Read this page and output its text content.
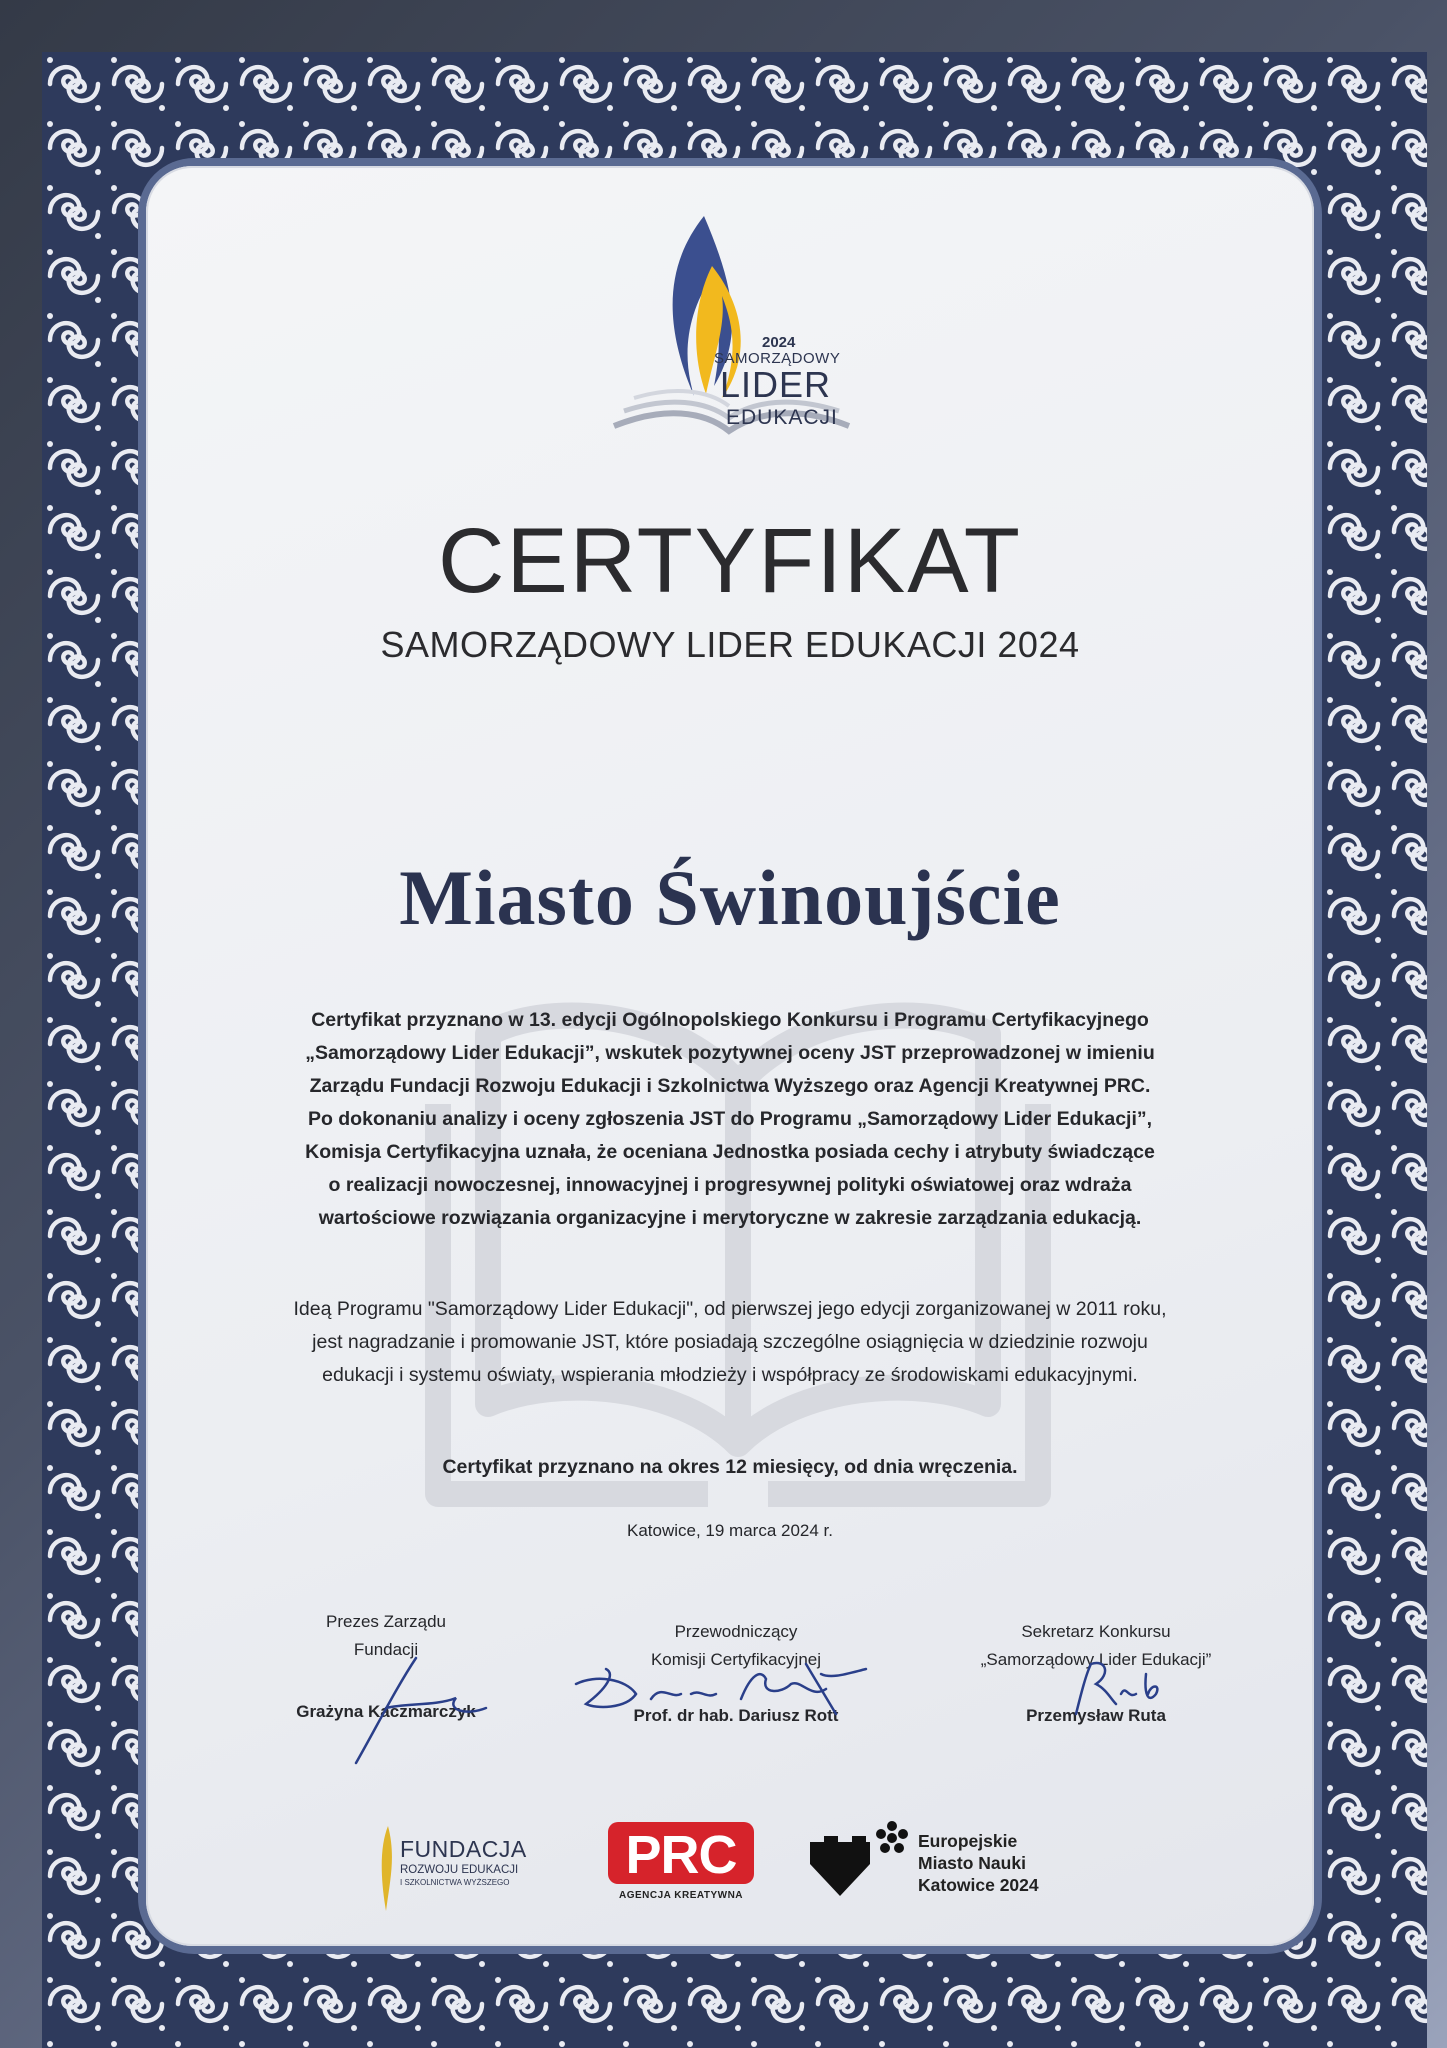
2024
SAMORZĄDOWY
LIDER
EDUKACJI
CERTYFIKAT
SAMORZĄDOWY LIDER EDUKACJI 2024
Miasto Świnoujście
Certyfikat przyznano w 13. edycji Ogólnopolskiego Konkursu i Programu Certyfikacyjnego
„Samorządowy Lider Edukacji”, wskutek pozytywnej oceny JST przeprowadzonej w imieniu
Zarządu Fundacji Rozwoju Edukacji i Szkolnictwa Wyższego oraz Agencji Kreatywnej PRC.
Po dokonaniu analizy i oceny zgłoszenia JST do Programu „Samorządowy Lider Edukacji”,
Komisja Certyfikacyjna uznała, że oceniana Jednostka posiada cechy i atrybuty świadczące
o realizacji nowoczesnej, innowacyjnej i progresywnej polityki oświatowej oraz wdraża
wartościowe rozwiązania organizacyjne i merytoryczne w zakresie zarządzania edukacją.
Ideą Programu "Samorządowy Lider Edukacji", od pierwszej jego edycji zorganizowanej w 2011 roku,
jest nagradzanie i promowanie JST, które posiadają szczególne osiągnięcia w dziedzinie rozwoju
edukacji i systemu oświaty, wspierania młodzieży i współpracy ze środowiskami edukacyjnymi.
Certyfikat przyznano na okres 12 miesięcy, od dnia wręczenia.
Katowice, 19 marca 2024 r.
Prezes Zarządu
Fundacji
Grażyna Kaczmarczyk
Przewodniczący
Komisji Certyfikacyjnej
Prof. dr hab. Dariusz Rott
Sekretarz Konkursu
„Samorządowy Lider Edukacji”
Przemysław Ruta
FUNDACJA
ROZWOJU EDUKACJI
I SZKOLNICTWA WYŻSZEGO	PRC
AGENCJA KREATYWNA
Europejskie
Miasto Nauki
Katowice 2024
